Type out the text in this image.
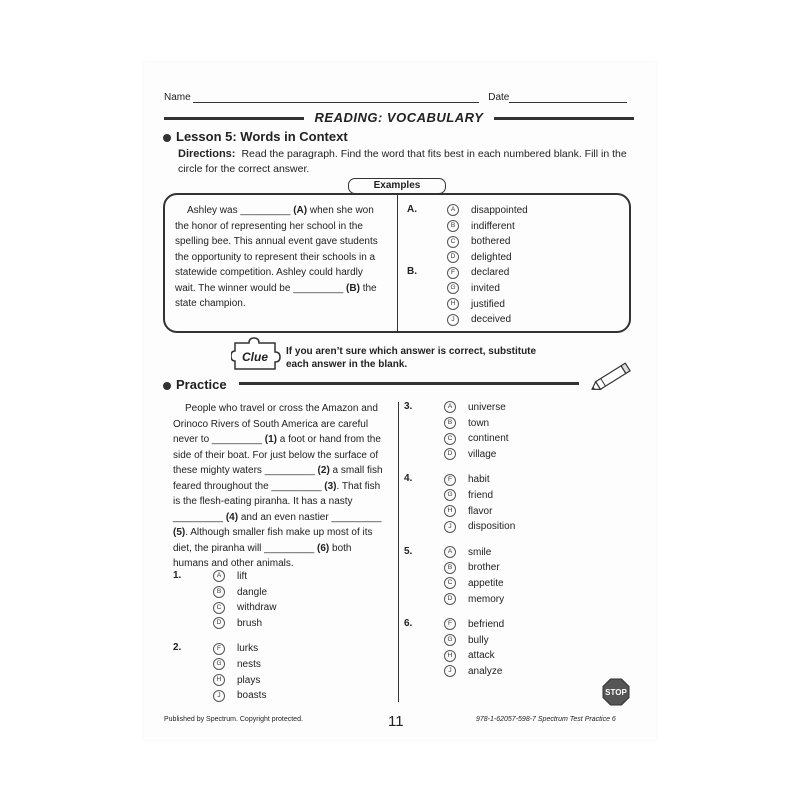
Name	Date
READING: VOCABULARY
Lesson 5: Words in Context
Directions: Read the paragraph. Find the word that fits best in each numbered blank. Fill in the circle for the correct answer.
Ashley was _________ (A) when she won the honor of representing her school in the spelling bee. This annual event gave students the opportunity to represent their schools in a statewide competition. Ashley could hardly wait. The winner would be _________ (B) the state champion.
A.	A disappointed
B indifferent
C bothered
D delighted
B.	F declared
G invited
H justified
J deceived
Examples
Clue If you aren’t sure which answer is correct, substitute
each answer in the blank.
Practice
People who travel or cross the Amazon and Orinoco Rivers of South America are careful never to _________ (1) a foot or hand from the side of their boat. For just below the surface of these mighty waters _________ (2) a small fish feared throughout the _________ (3). That fish is the flesh-eating piranha. It has a nasty _________ (4) and an even nastier _________ (5). Although smaller fish make up most of its diet, the piranha will _________ (6) both humans and other animals.
1.	A lift
B dangle
C withdraw
D brush
2.	F lurks
G nests
H plays
J boasts
3.	A universe
B town
C continent
D village
4.	F habit
G friend
H flavor
J disposition
5.	A smile
B brother
C appetite
D memory
6.	F befriend
G bully
H attack
J analyze
STOP
Published by Spectrum. Copyright protected.	11	978-1-62057-598-7 Spectrum Test Practice 6
